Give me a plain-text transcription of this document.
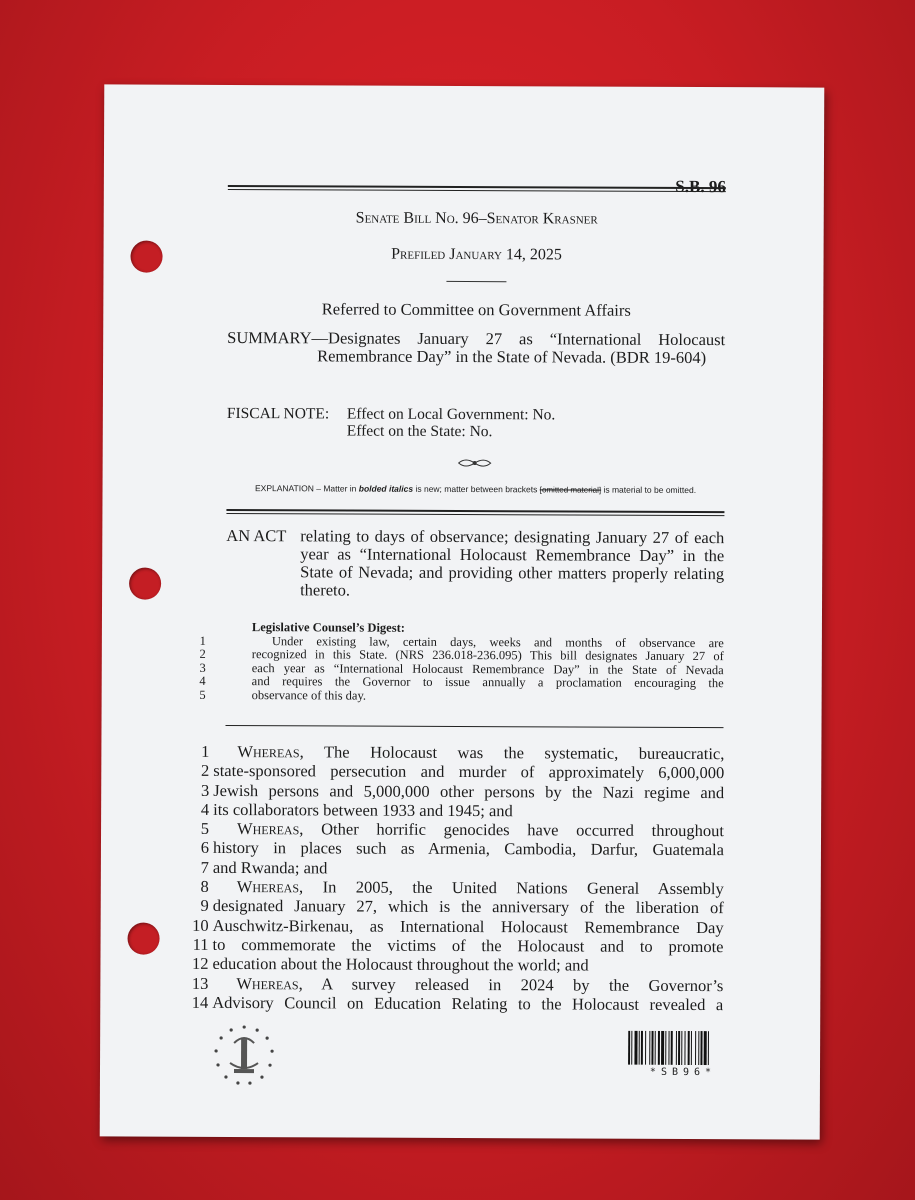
S.B. 96
Senate Bill No. 96–Senator Krasner
Prefiled January 14, 2025
Referred to Committee on Government Affairs
SUMMARY— Designates January 27 as “International Holocaust Remembrance Day” in the State of Nevada. (BDR 19-604)
FISCAL NOTE: Effect on Local Government: No.
Effect on the State: No.
EXPLANATION – Matter in bolded italics is new; matter between brackets [omitted material] is material to be omitted.
AN ACT relating to days of observance; designating January 27 of each year as “International Holocaust Remembrance Day” in the State of Nevada; and providing other matters properly relating thereto.
Legislative Counsel’s Digest:
1	Under existing law, certain days, weeks and months of observance are
2	recognized in this State. (NRS 236.018-236.095) This bill designates January 27 of
3	each year as “International Holocaust Remembrance Day” in the State of Nevada
4	and requires the Governor to issue annually a proclamation encouraging the
5	observance of this day.
1 Whereas, The Holocaust was the systematic, bureaucratic,
2 state-sponsored persecution and murder of approximately 6,000,000
3 Jewish persons and 5,000,000 other persons by the Nazi regime and
4 its collaborators between 1933 and 1945; and
5 Whereas, Other horrific genocides have occurred throughout
6 history in places such as Armenia, Cambodia, Darfur, Guatemala
7 and Rwanda; and
8 Whereas, In 2005, the United Nations General Assembly
9 designated January 27, which is the anniversary of the liberation of
10 Auschwitz-Birkenau, as International Holocaust Remembrance Day
11 to commemorate the victims of the Holocaust and to promote
12 education about the Holocaust throughout the world; and
13 Whereas, A survey released in 2024 by the Governor’s
14 Advisory Council on Education Relating to the Holocaust revealed a
*SB96*
